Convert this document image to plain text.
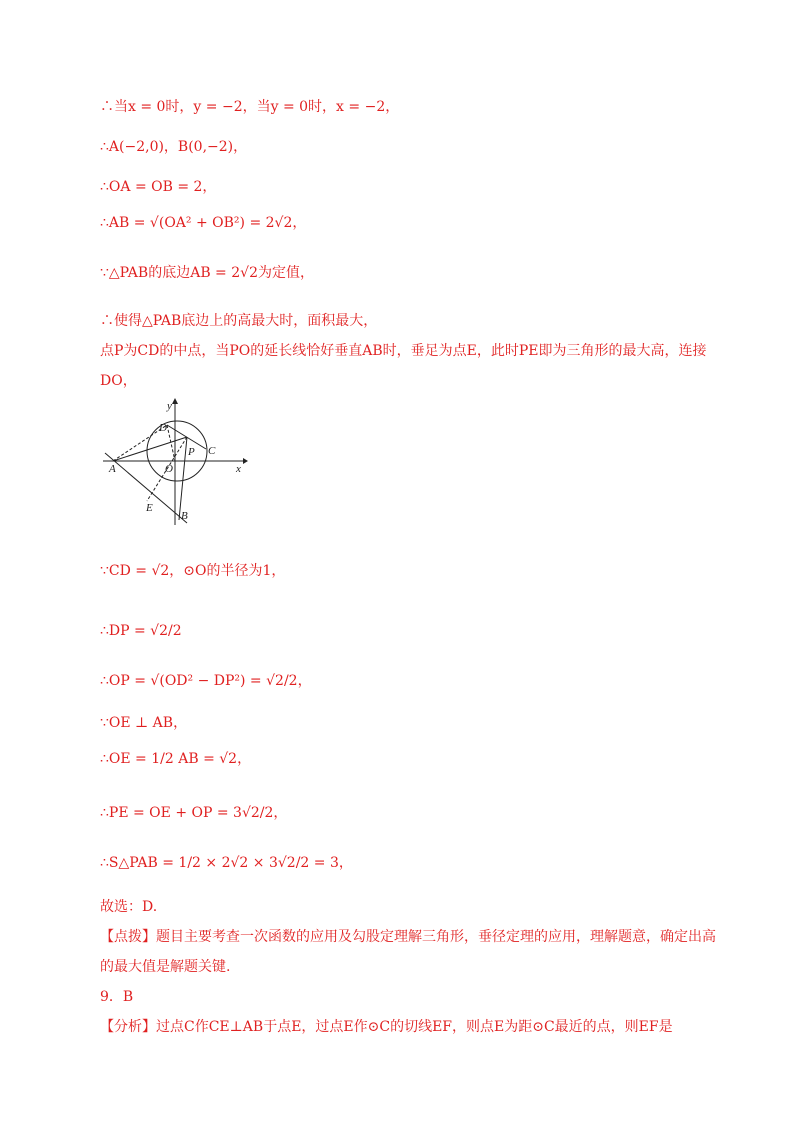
∴当x = 0时，y = −2，当y = 0时，x = −2，
∴A(−2,0)，B(0,−2)，
∴OA = OB = 2，
∴AB = √(OA² + OB²) = 2√2，
∵△PAB的底边AB = 2√2为定值，
∴使得△PAB底边上的高最大时，面积最大，
点P为CD的中点，当PO的延长线恰好垂直AB时，垂足为点E，此时PE即为三角形的最大高，连接
DO，
y
x
D
C
P
O
A
E
B
∵CD = √2，⊙O的半径为1，
∴DP = √2/2
∴OP = √(OD² − DP²) = √2/2，
∵OE ⊥ AB，
∴OE = 1/2 AB = √2，
∴PE = OE + OP = 3√2/2，
∴S△PAB = 1/2 × 2√2 × 3√2/2 = 3，
故选：D.
【点拨】题目主要考查一次函数的应用及勾股定理解三角形，垂径定理的应用，理解题意，确定出高的最大值是解题关键.
9．B
【分析】过点C作CE⊥AB于点E，过点E作⊙C的切线EF，则点E为距⊙C最近的点，则EF是
